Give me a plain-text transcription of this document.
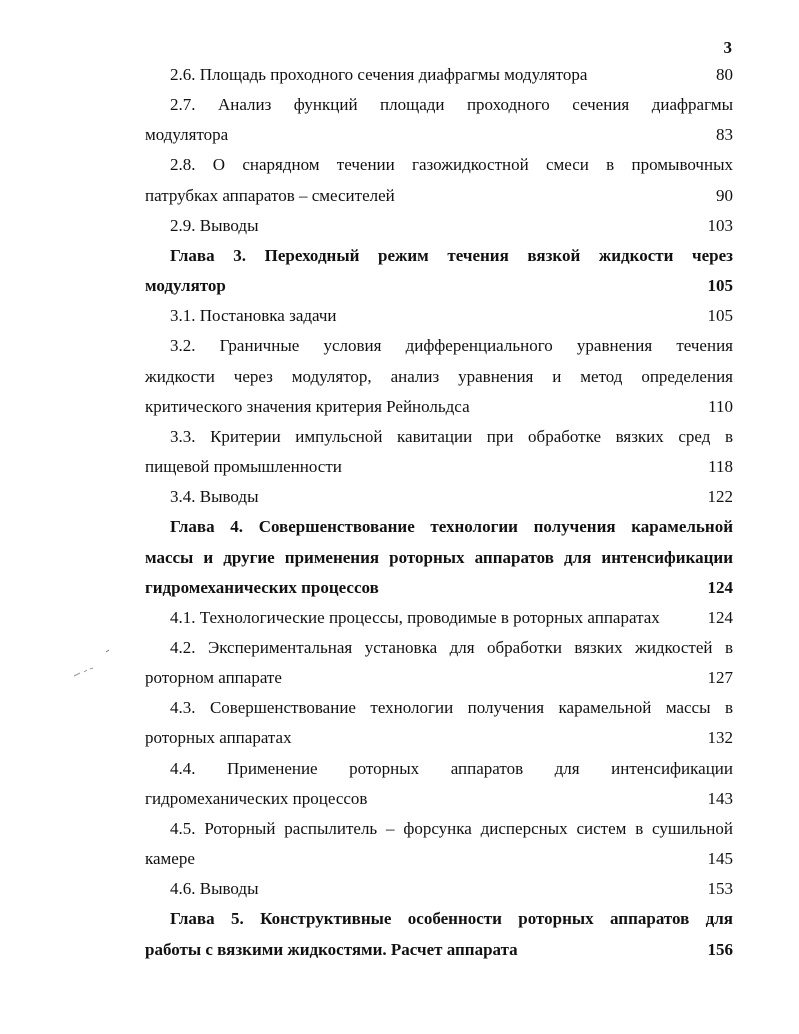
3
2.6. Площадь проходного сечения диафрагмы модулятора	80
2.7. Анализ функций площади проходного сечения диафрагмы
модулятора	83
2.8. О снарядном течении газожидкостной смеси в промывочных
патрубках аппаратов – смесителей	90
2.9. Выводы	103
Глава 3. Переходный режим течения вязкой жидкости через
модулятор	105
3.1. Постановка задачи	105
3.2. Граничные условия дифференциального уравнения течения
жидкости через модулятор, анализ уравнения и метод определения
критического значения критерия Рейнольдса	110
3.3. Критерии импульсной кавитации при обработке вязких сред в
пищевой промышленности	118
3.4. Выводы	122
Глава 4. Совершенствование технологии получения карамельной
массы и другие применения роторных аппаратов для интенсификации
гидромеханических процессов	124
4.1. Технологические процессы, проводимые в роторных аппаратах	124
4.2. Экспериментальная установка для обработки вязких жидкостей в
роторном аппарате	127
4.3. Совершенствование технологии получения карамельной массы в
роторных аппаратах	132
4.4. Применение роторных аппаратов для интенсификации
гидромеханических процессов	143
4.5. Роторный распылитель – форсунка дисперсных систем в сушильной
камере	145
4.6. Выводы	153
Глава 5. Конструктивные особенности роторных аппаратов для
работы с вязкими жидкостями. Расчет аппарата	156
